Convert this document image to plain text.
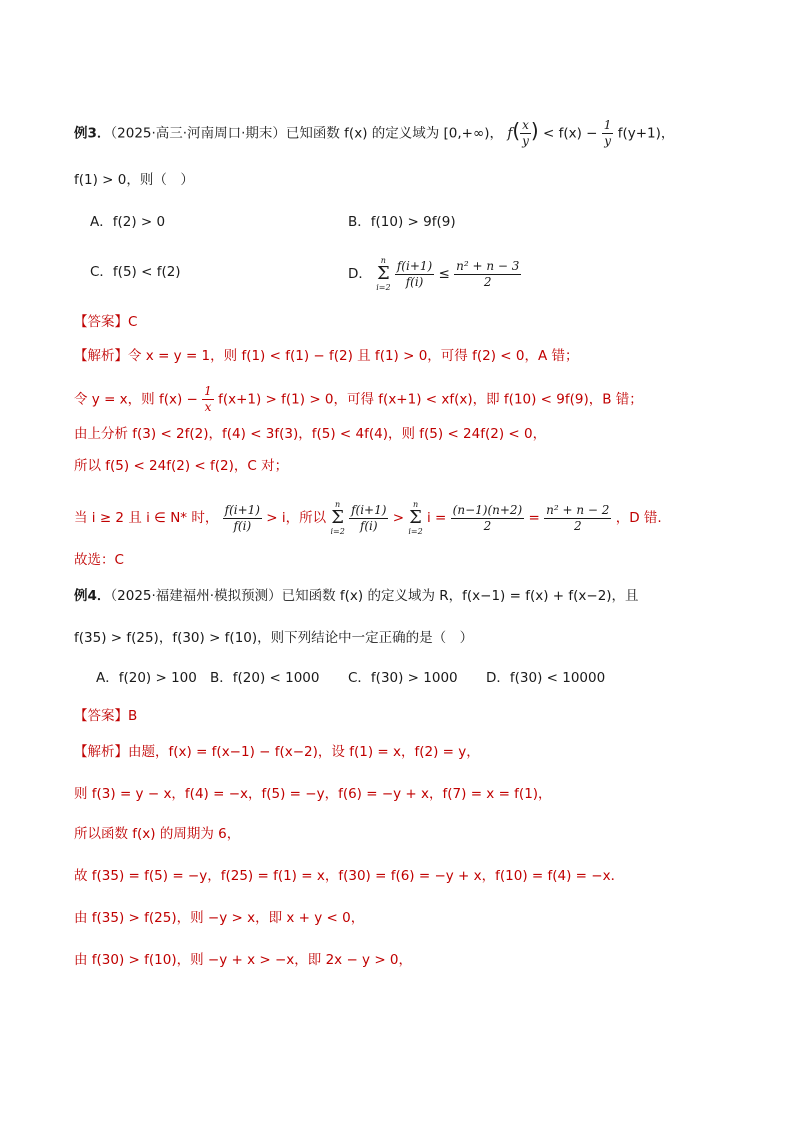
例3．（2025·高三·河南周口·期末）已知函数 f(x) 的定义域为 [0,+∞)， $f( \frac{x}{y}$ ) < $f(x) - \frac{1}{y} f(y+1)$，
f(1) > 0，则（　）
A．f(2) > 0	B．f(10) > 9f(9)
C．f(5) < f(2)	D．
n
Σ
i=2
$\frac{f(i+1)}{f(i)} \le \frac{\text{n² + n − 3}}{2}$
【答案】C
【解析】令 x = y = 1，则 f(1) < f(1) − f(2) 且 f(1) > 0，可得 f(2) < 0，A 错；
令 y = x，则 $f(x) - \frac{1}{x} f(x+1) > f(1) > 0$，可得 f(x+1) < xf(x)，即 f(10) < 9f(9)，B 错；
由上分析 f(3) < 2f(2)，f(4) < 3f(3)，f(5) < 4f(4)，则 f(5) < 24f(2) < 0，
所以 f(5) < 24f(2) < f(2)，C 对；
当 i ≥ 2 且 i ∈ N* 时， $\frac{f(i+1)}{f(i)} > i$，所以
n
Σ
i=2
$\frac{f(i+1)}{f(i)}$ >
n
Σ
i=2
$i = \frac{(n-1)(n+2)}{2} = \frac{\text{n² + n − 2}}{2}$ ，D 错.
故选：C
例4．（2025·福建福州·模拟预测）已知函数 f(x) 的定义域为 R，f(x−1) = f(x) + f(x−2)，且
f(35) > f(25)，f(30) > f(10)，则下列结论中一定正确的是（　）
A．f(20) > 100 B．f(20) < 1000 C．f(30) > 1000 D．f(30) < 10000
【答案】B
【解析】由题，f(x) = f(x−1) − f(x−2)，设 f(1) = x，f(2) = y，
则 f(3) = y − x，f(4) = −x，f(5) = −y，f(6) = −y + x，f(7) = x = f(1)，
所以函数 f(x) 的周期为 6，
故 f(35) = f(5) = −y，f(25) = f(1) = x，f(30) = f(6) = −y + x，f(10) = f(4) = −x．
由 f(35) > f(25)，则 −y > x，即 x + y < 0，
由 f(30) > f(10)，则 −y + x > −x，即 2x − y > 0，
